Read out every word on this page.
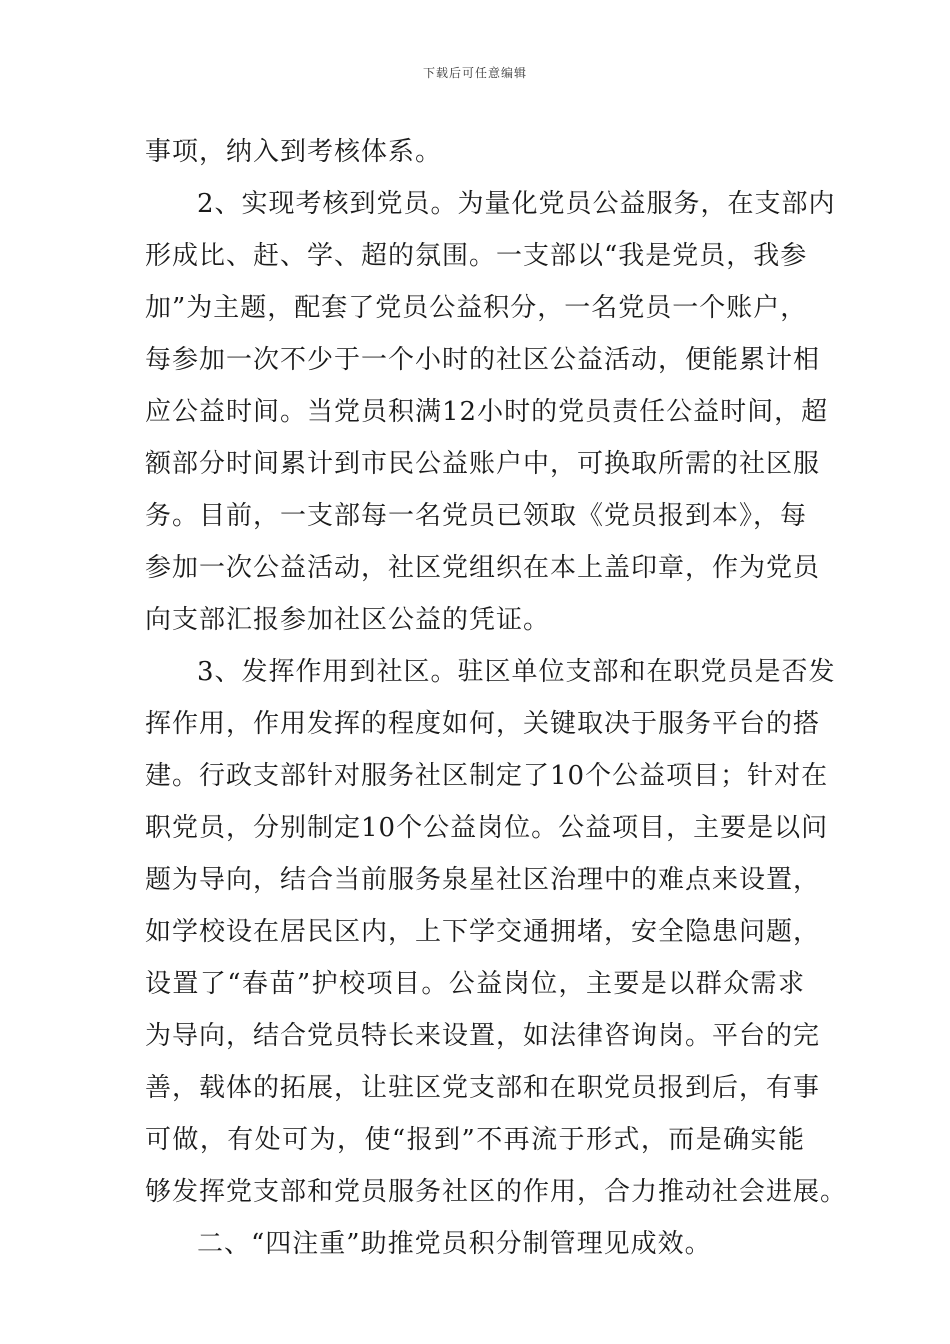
下载后可任意编辑
事项，纳入到考核体系。
2、实现考核到党员。为量化党员公益服务，在支部内
形成比、赶、学、超的氛围。一支部以“我是党员，我参
加”为主题，配套了党员公益积分，一名党员一个账户，
每参加一次不少于一个小时的社区公益活动，便能累计相
应公益时间。当党员积满12小时的党员责任公益时间，超
额部分时间累计到市民公益账户中，可换取所需的社区服
务。目前，一支部每一名党员已领取《党员报到本》，每
参加一次公益活动，社区党组织在本上盖印章，作为党员
向支部汇报参加社区公益的凭证。
3、发挥作用到社区。驻区单位支部和在职党员是否发
挥作用，作用发挥的程度如何，关键取决于服务平台的搭
建。行政支部针对服务社区制定了10个公益项目；针对在
职党员，分别制定10个公益岗位。公益项目，主要是以问
题为导向，结合当前服务泉星社区治理中的难点来设置，
如学校设在居民区内，上下学交通拥堵，安全隐患问题，
设置了“春苗”护校项目。公益岗位，主要是以群众需求
为导向，结合党员特长来设置，如法律咨询岗。平台的完
善，载体的拓展，让驻区党支部和在职党员报到后，有事
可做，有处可为，使“报到”不再流于形式，而是确实能
够发挥党支部和党员服务社区的作用，合力推动社会进展。
二、“四注重”助推党员积分制管理见成效。
